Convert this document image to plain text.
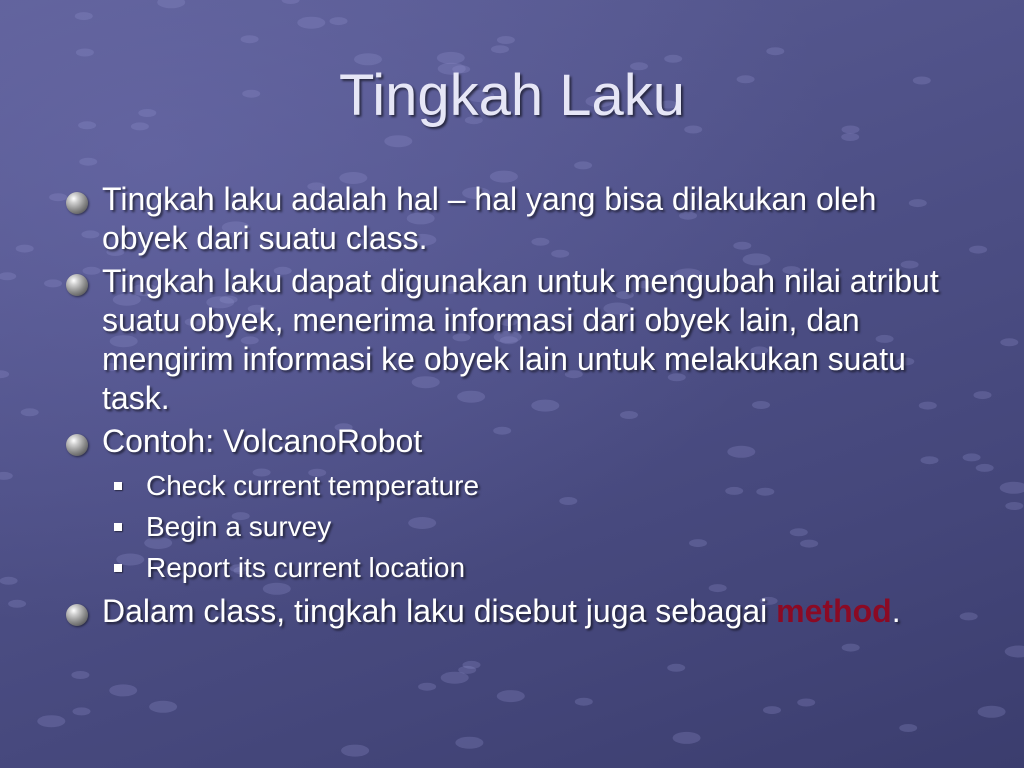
Tingkah Laku
Tingkah laku adalah hal – hal yang bisa dilakukan oleh obyek dari suatu class.
Tingkah laku dapat digunakan untuk mengubah nilai atribut suatu obyek, menerima informasi dari obyek lain, dan mengirim informasi ke obyek lain untuk melakukan suatu task.
Contoh: VolcanoRobot
Check current temperature
Begin a survey
Report its current location
Dalam class, tingkah laku disebut juga sebagai method.
